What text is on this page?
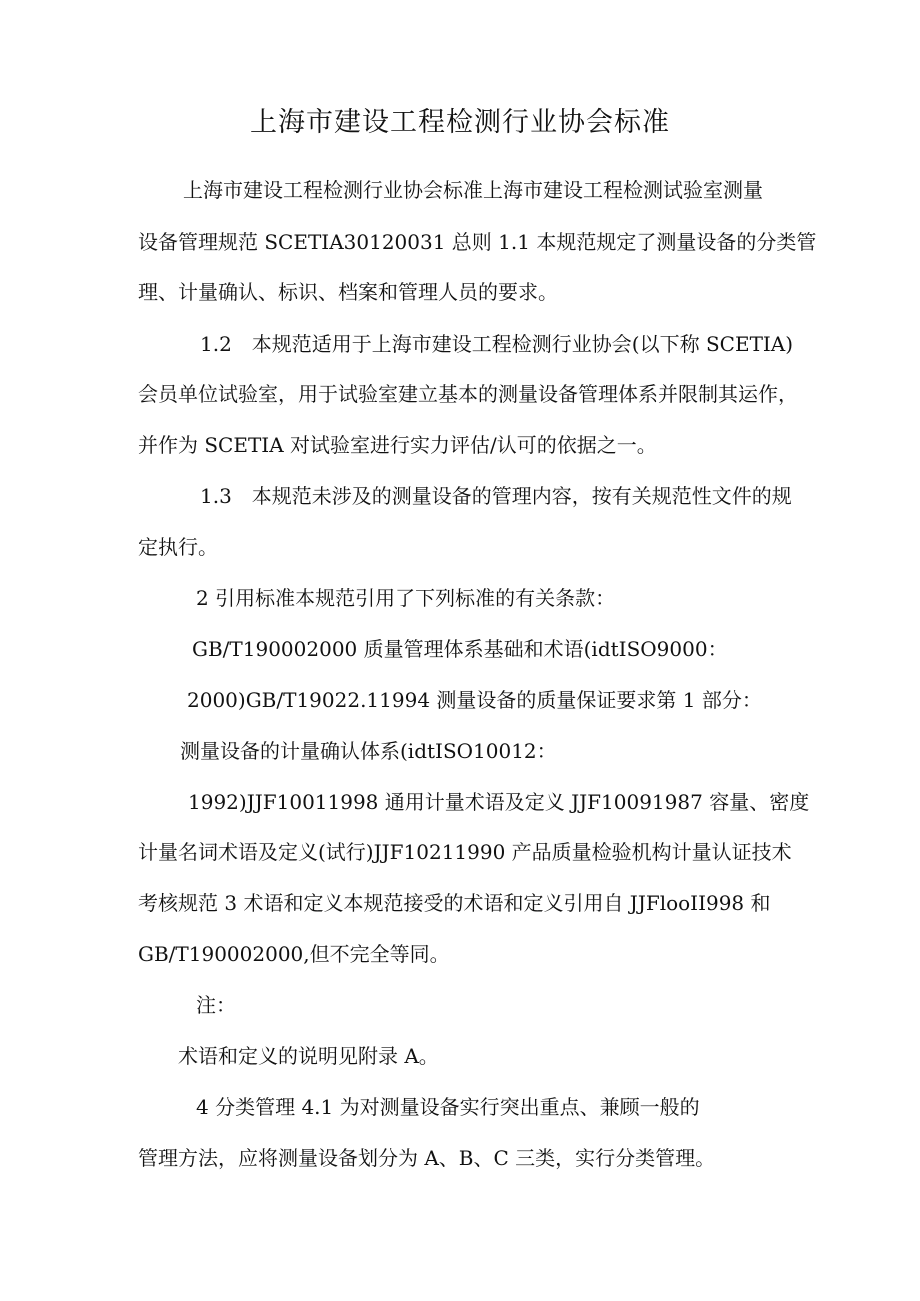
上海市建设工程检测行业协会标准

上海市建设工程检测行业协会标准上海市建设工程检测试验室测量

设备管理规范 SCETIA30120031 总则 1.1 本规范规定了测量设备的分类管

理、计量确认、标识、档案和管理人员的要求。

1.2　本规范适用于上海市建设工程检测行业协会(以下称 SCETIA)

会员单位试验室，用于试验室建立基本的测量设备管理体系并限制其运作，

并作为 SCETIA 对试验室进行实力评估/认可的依据之一。

1.3　本规范未涉及的测量设备的管理内容，按有关规范性文件的规

定执行。

2 引用标准本规范引用了下列标准的有关条款：

GB/T190002000 质量管理体系基础和术语(idtISO9000：

2000)GB/T19022.11994 测量设备的质量保证要求第 1 部分：

测量设备的计量确认体系(idtISO10012：

1992)JJF10011998 通用计量术语及定义 JJF10091987 容量、密度

计量名词术语及定义(试行)JJF10211990 产品质量检验机构计量认证技术

考核规范 3 术语和定义本规范接受的术语和定义引用自 JJFlooII998 和

GB/T190002000,但不完全等同。

注：

术语和定义的说明见附录 A。

4 分类管理 4.1 为对测量设备实行突出重点、兼顾一般的

管理方法，应将测量设备划分为 A、B、C 三类，实行分类管理。
